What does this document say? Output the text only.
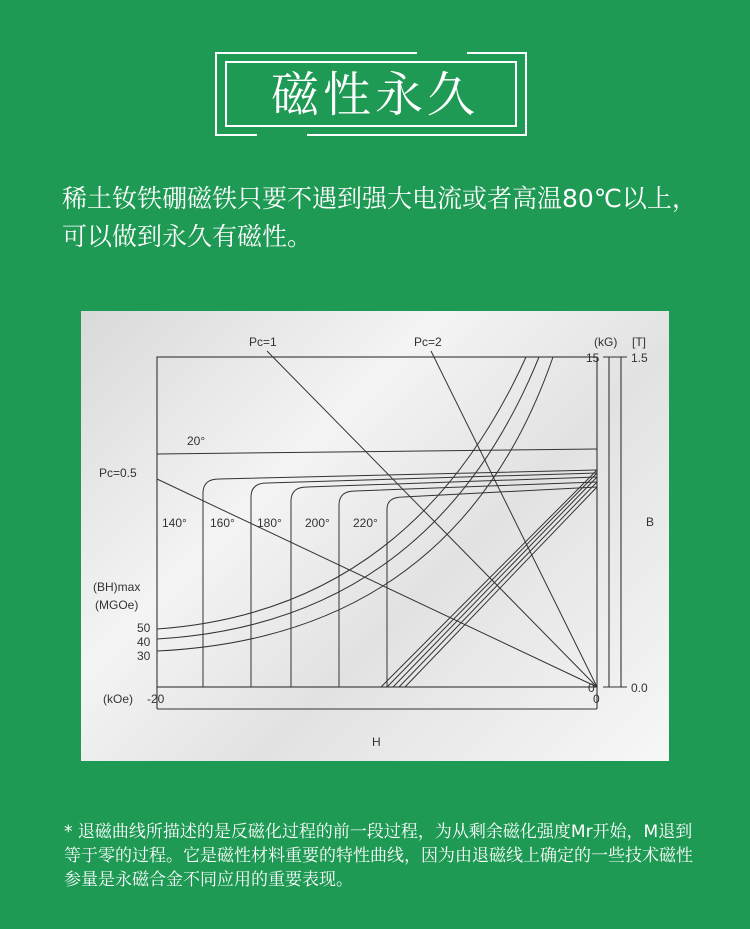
磁性永久
稀土钕铁硼磁铁只要不遇到强大电流或者高温80℃以上，可以做到永久有磁性。
Pc=1	Pc=2
Pc=0.5
(kG) [T]
15	1.5
0	0.0
B
H
(kOe) -20	0
20°
140° 160° 180° 200° 220°
(BH)max
(MGOe)
50
40
30
* 退磁曲线所描述的是反磁化过程的前一段过程，为从剩余磁化强度Mr开始，M退到等于零的过程。它是磁性材料重要的特性曲线，因为由退磁线上确定的一些技术磁性参量是永磁合金不同应用的重要表现。
